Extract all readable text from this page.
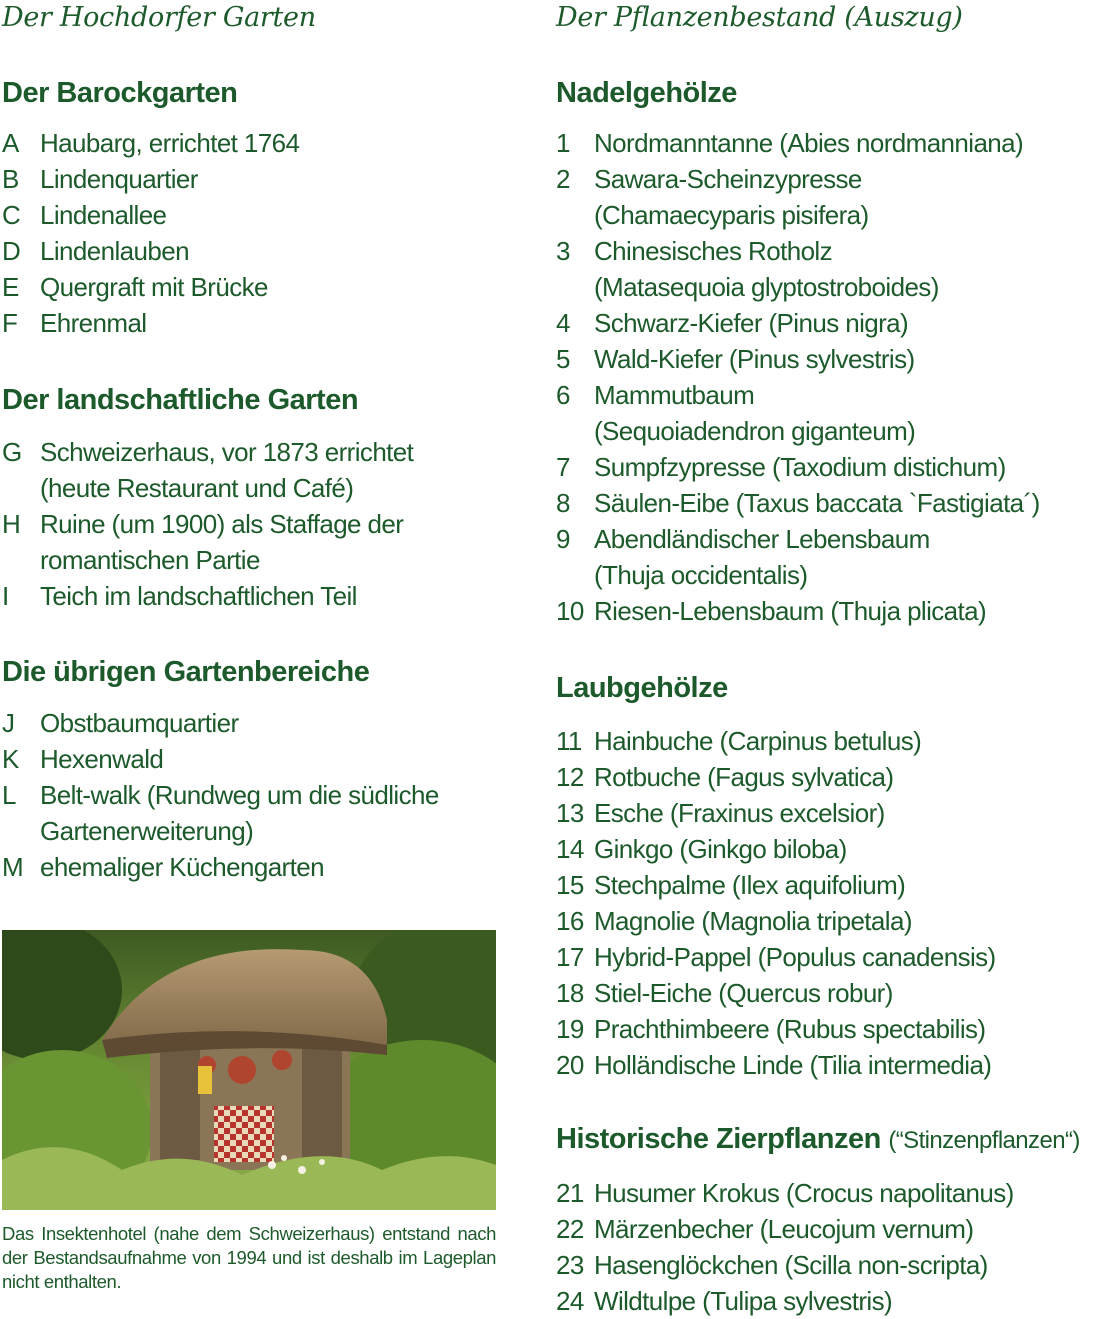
Der Hochdorfer Garten
Der Barockgarten
A Haubarg, errichtet 1764
B Lindenquartier
C Lindenallee
D Lindenlauben
E Quergraft mit Brücke
F Ehrenmal
Der landschaftliche Garten
G Schweizerhaus, vor 1873 errichtet
(heute Restaurant und Café)
H Ruine (um 1900) als Staffage der
romantischen Partie
I Teich im landschaftlichen Teil
Die übrigen Gartenbereiche
J Obstbaumquartier
K Hexenwald
L Belt-walk (Rundweg um die südliche
Gartenerweiterung)
M ehemaliger Küchengarten

Das Insektenhotel (nahe dem Schweizerhaus) entstand nach der Bestandsaufnahme von 1994 und ist deshalb im Lageplan nicht enthalten.

Der Pflanzenbestand (Auszug)
Nadelgehölze
1 Nordmanntanne (Abies nordmanniana)
2 Sawara-Scheinzypresse
(Chamaecyparis pisifera)
3 Chinesisches Rotholz
(Matasequoia glyptostroboides)
4 Schwarz-Kiefer (Pinus nigra)
5 Wald-Kiefer (Pinus sylvestris)
6 Mammutbaum
(Sequoiadendron giganteum)
7 Sumpfzypresse (Taxodium distichum)
8 Säulen-Eibe (Taxus baccata `Fastigiata´)
9 Abendländischer Lebensbaum
(Thuja occidentalis)
10 Riesen-Lebensbaum (Thuja plicata)
Laubgehölze
11 Hainbuche (Carpinus betulus)
12 Rotbuche (Fagus sylvatica)
13 Esche (Fraxinus excelsior)
14 Ginkgo (Ginkgo biloba)
15 Stechpalme (Ilex aquifolium)
16 Magnolie (Magnolia tripetala)
17 Hybrid-Pappel (Populus canadensis)
18 Stiel-Eiche (Quercus robur)
19 Prachthimbeere (Rubus spectabilis)
20 Holländische Linde (Tilia intermedia)
Historische Zierpflanzen (“Stinzenpflanzen“)
21 Husumer Krokus (Crocus napolitanus)
22 Märzenbecher (Leucojum vernum)
23 Hasenglöckchen (Scilla non-scripta)
24 Wildtulpe (Tulipa sylvestris)
